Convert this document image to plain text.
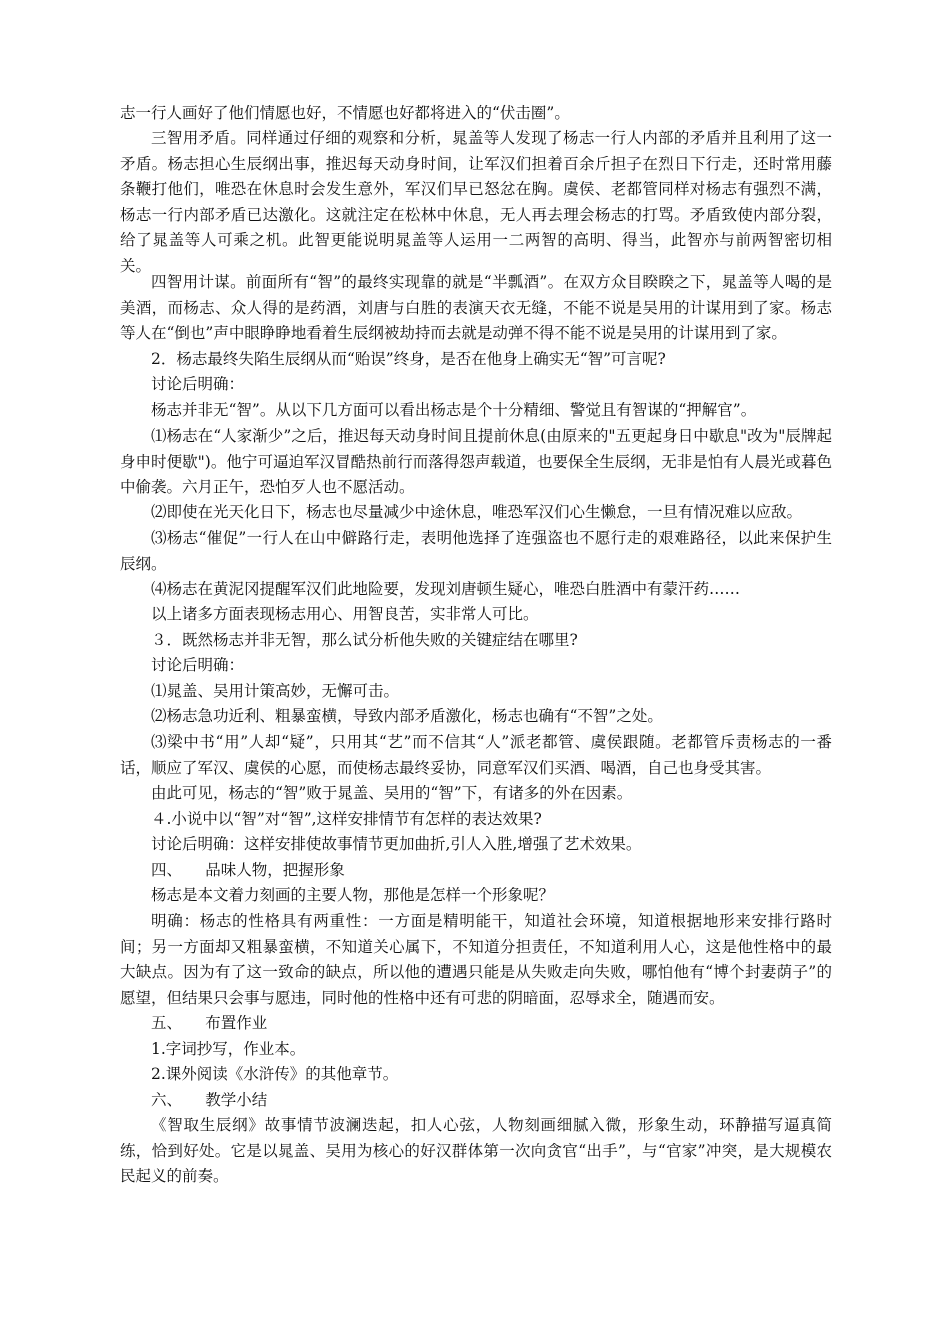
志一行人画好了他们情愿也好，不情愿也好都将进入的“伏击圈”。

三智用矛盾。同样通过仔细的观察和分析，晁盖等人发现了杨志一行人内部的矛盾并且利用了这一矛盾。杨志担心生辰纲出事，推迟每天动身时间，让军汉们担着百余斤担子在烈日下行走，还时常用藤条鞭打他们，唯恐在休息时会发生意外，军汉们早已怒忿在胸。虞侯、老都管同样对杨志有强烈不满，杨志一行内部矛盾已达激化。这就注定在松林中休息，无人再去理会杨志的打骂。矛盾致使内部分裂，给了晁盖等人可乘之机。此智更能说明晁盖等人运用一二两智的高明、得当，此智亦与前两智密切相关。

四智用计谋。前面所有“智”的最终实现靠的就是“半瓢酒”。在双方众目睽睽之下，晁盖等人喝的是美酒，而杨志、众人得的是药酒，刘唐与白胜的表演天衣无缝，不能不说是吴用的计谋用到了家。杨志等人在“倒也”声中眼睁睁地看着生辰纲被劫持而去就是动弹不得不能不说是吴用的计谋用到了家。

2．杨志最终失陷生辰纲从而“贻误”终身，是否在他身上确实无“智”可言呢?

讨论后明确：

杨志并非无“智”。从以下几方面可以看出杨志是个十分精细、警觉且有智谋的“押解官”。

⑴杨志在“人家渐少”之后，推迟每天动身时间且提前休息(由原来的"五更起身日中歇息"改为"辰牌起身申时便歇")。他宁可逼迫军汉冒酷热前行而落得怨声载道，也要保全生辰纲，无非是怕有人晨光或暮色中偷袭。六月正午，恐怕歹人也不愿活动。

⑵即使在光天化日下，杨志也尽量减少中途休息，唯恐军汉们心生懒怠，一旦有情况难以应敌。

⑶杨志“催促”一行人在山中僻路行走，表明他选择了连强盗也不愿行走的艰难路径，以此来保护生辰纲。

⑷杨志在黄泥冈提醒军汉们此地险要，发现刘唐顿生疑心，唯恐白胜酒中有蒙汗药……

以上诸多方面表现杨志用心、用智良苦，实非常人可比。

３．既然杨志并非无智，那么试分析他失败的关键症结在哪里?

讨论后明确：

⑴晁盖、吴用计策高妙，无懈可击。

⑵杨志急功近利、粗暴蛮横，导致内部矛盾激化，杨志也确有“不智”之处。

⑶梁中书“用”人却“疑”，只用其“艺”而不信其“人”派老都管、虞侯跟随。老都管斥责杨志的一番话，顺应了军汉、虞侯的心愿，而使杨志最终妥协，同意军汉们买酒、喝酒，自己也身受其害。

由此可见，杨志的“智”败于晁盖、吴用的“智”下，有诸多的外在因素。

４.小说中以“智”对“智”,这样安排情节有怎样的表达效果?

讨论后明确：这样安排使故事情节更加曲折,引人入胜,增强了艺术效果。

四、　　品味人物，把握形象

杨志是本文着力刻画的主要人物，那他是怎样一个形象呢？

明确：杨志的性格具有两重性：一方面是精明能干，知道社会环境，知道根据地形来安排行路时间；另一方面却又粗暴蛮横，不知道关心属下，不知道分担责任，不知道利用人心，这是他性格中的最大缺点。因为有了这一致命的缺点，所以他的遭遇只能是从失败走向失败，哪怕他有“博个封妻荫子”的愿望，但结果只会事与愿违，同时他的性格中还有可悲的阴暗面，忍辱求全，随遇而安。

五、　　布置作业

1.字词抄写，作业本。

2.课外阅读《水浒传》的其他章节。

六、　　教学小结

《智取生辰纲》故事情节波澜迭起，扣人心弦，人物刻画细腻入微，形象生动，环静描写逼真简练，恰到好处。它是以晁盖、吴用为核心的好汉群体第一次向贪官“出手”，与“官家”冲突，是大规模农民起义的前奏。
